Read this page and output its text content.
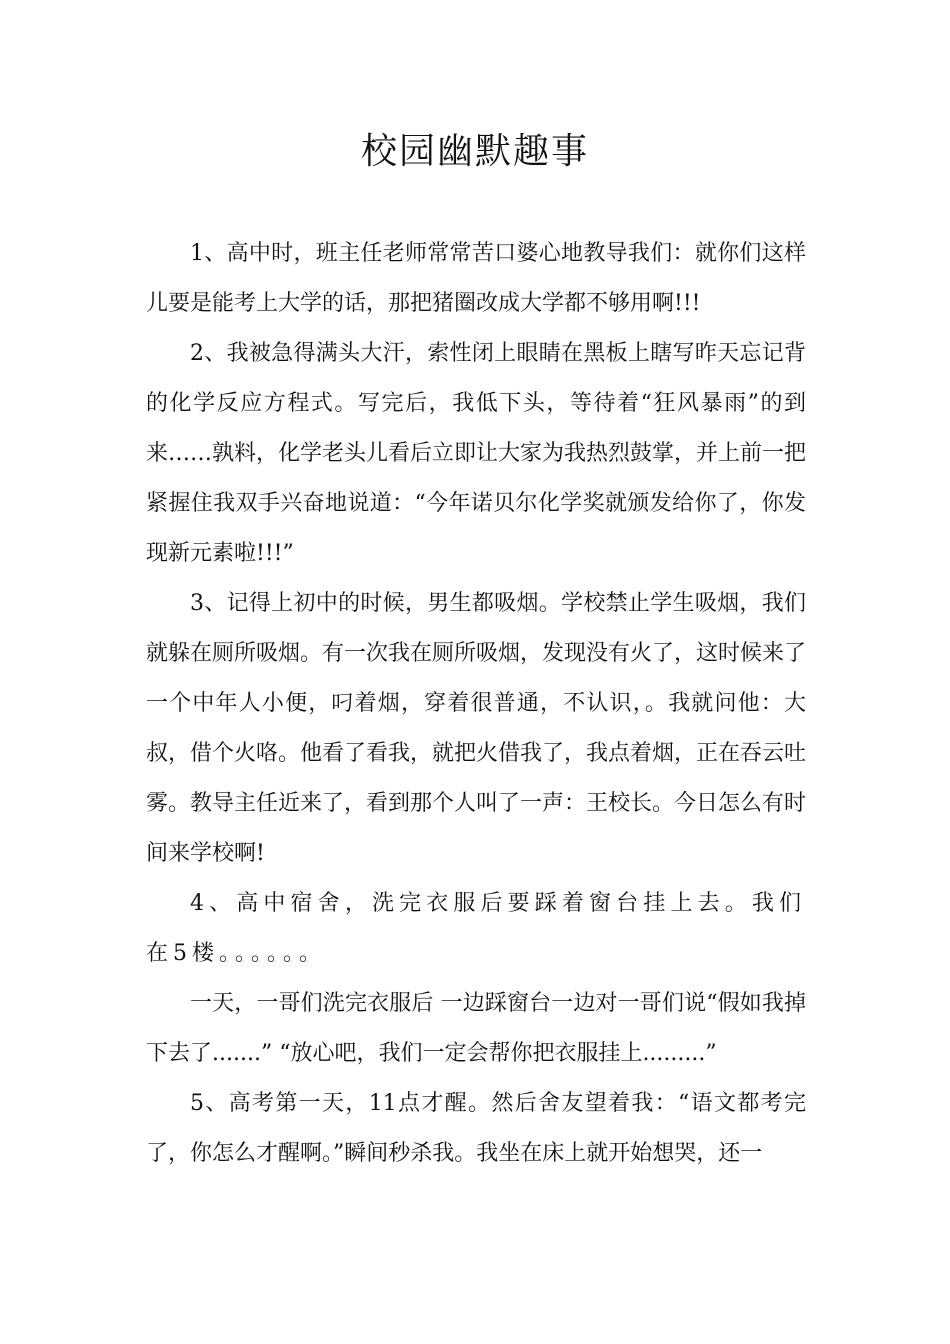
校园幽默趣事

1、高中时，班主任老师常常苦口婆心地教导我们：就你们这样儿要是能考上大学的话，那把猪圈改成大学都不够用啊!!!

2、我被急得满头大汗，索性闭上眼睛在黑板上瞎写昨天忘记背的化学反应方程式。写完后，我低下头，等待着“狂风暴雨”的到来……孰料，化学老头儿看后立即让大家为我热烈鼓掌，并上前一把紧握住我双手兴奋地说道：“今年诺贝尔化学奖就颁发给你了，你发现新元素啦!!!”

3、记得上初中的时候，男生都吸烟。学校禁止学生吸烟，我们就躲在厕所吸烟。有一次我在厕所吸烟，发现没有火了，这时候来了一个中年人小便，叼着烟，穿着很普通，不认识，。我就问他：大叔，借个火咯。他看了看我，就把火借我了，我点着烟，正在吞云吐雾。教导主任近来了，看到那个人叫了一声：王校长。今日怎么有时间来学校啊!

4、高中宿舍，洗完衣服后要踩着窗台挂上去。我们在5楼。。。。。。

一天，一哥们洗完衣服后 一边踩窗台一边对一哥们说“假如我掉下去了.......” “放心吧，我们一定会帮你把衣服挂上.........”

5、高考第一天，11点才醒。然后舍友望着我：“语文都考完了，你怎么才醒啊。”瞬间秒杀我。我坐在床上就开始想哭，还一
